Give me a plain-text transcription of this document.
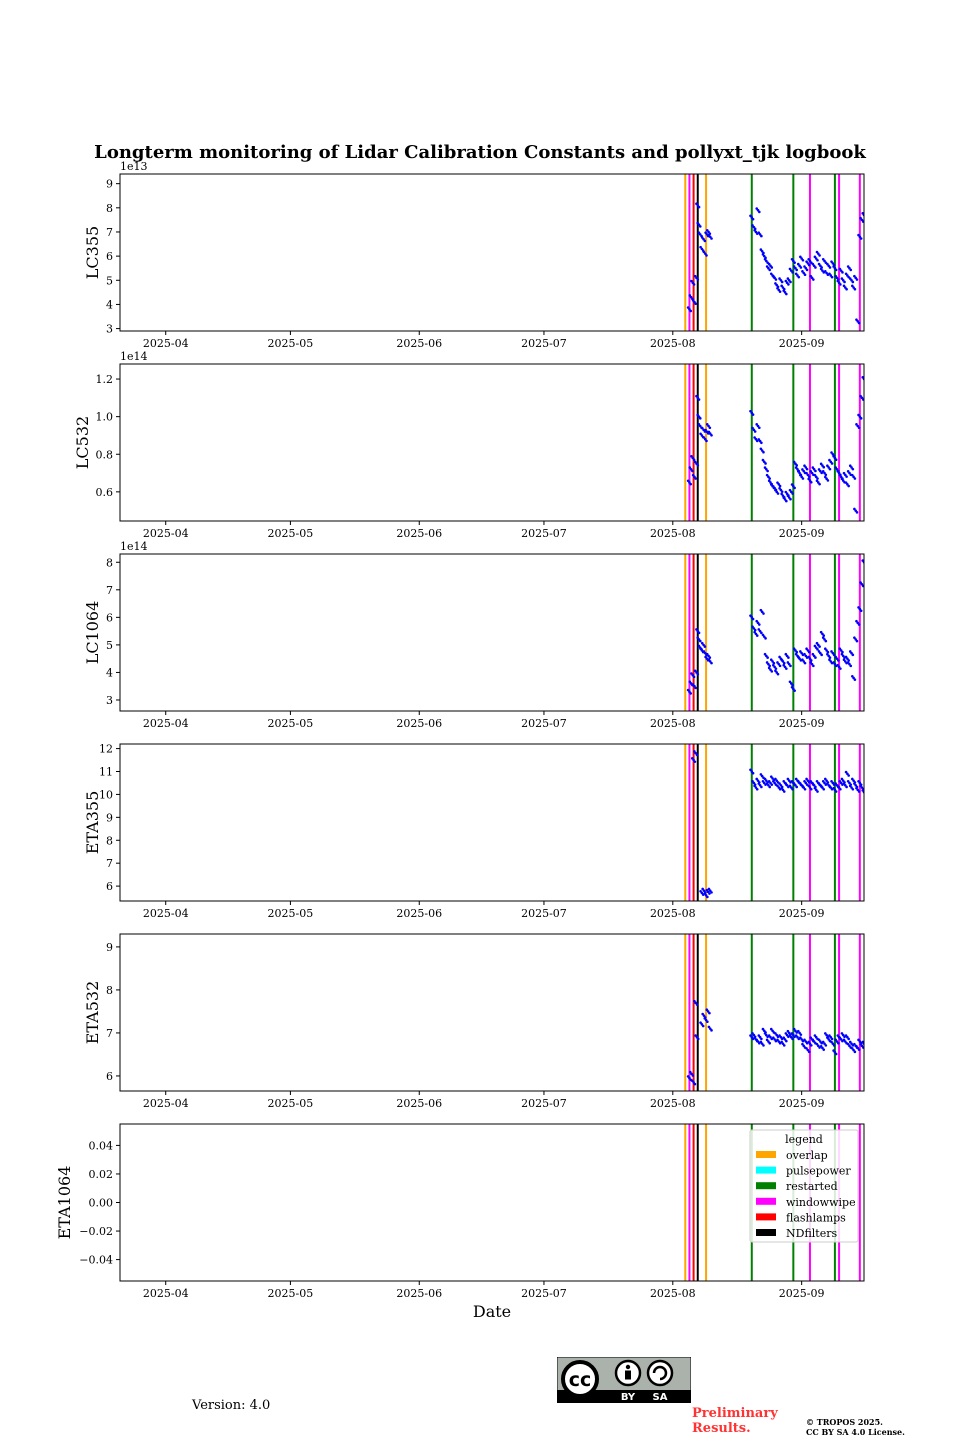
Longterm monitoring of Lidar Calibration Constants and pollyxt_tjk logbook
3
4
5
6
7
8
9
2025-04	2025-05	2025-06	2025-07	2025-08	2025-09
1e13
LC355
0.6
0.8
1.0
1.2
2025-04	2025-05	2025-06	2025-07	2025-08	2025-09
1e14
LC532
3
4
5
6
7
8
2025-04	2025-05	2025-06	2025-07	2025-08	2025-09
1e14
LC1064
6
7
8
9
10
11
12
2025-04	2025-05	2025-06	2025-07	2025-08	2025-09
ETA355
6
7
8
9
2025-04	2025-05	2025-06	2025-07	2025-08	2025-09
ETA532
0.04
0.02
0.00
−0.02
−0.04
2025-04	2025-05	2025-06	2025-07	2025-08	2025-09
ETA1064
legend
overlap
pulsepower
restarted
windowwipe
flashlamps
NDfilters
Date
cc
BY SA
Version: 4.0
Preliminary
Results.	© TROPOS 2025.
CC BY SA 4.0 License.
